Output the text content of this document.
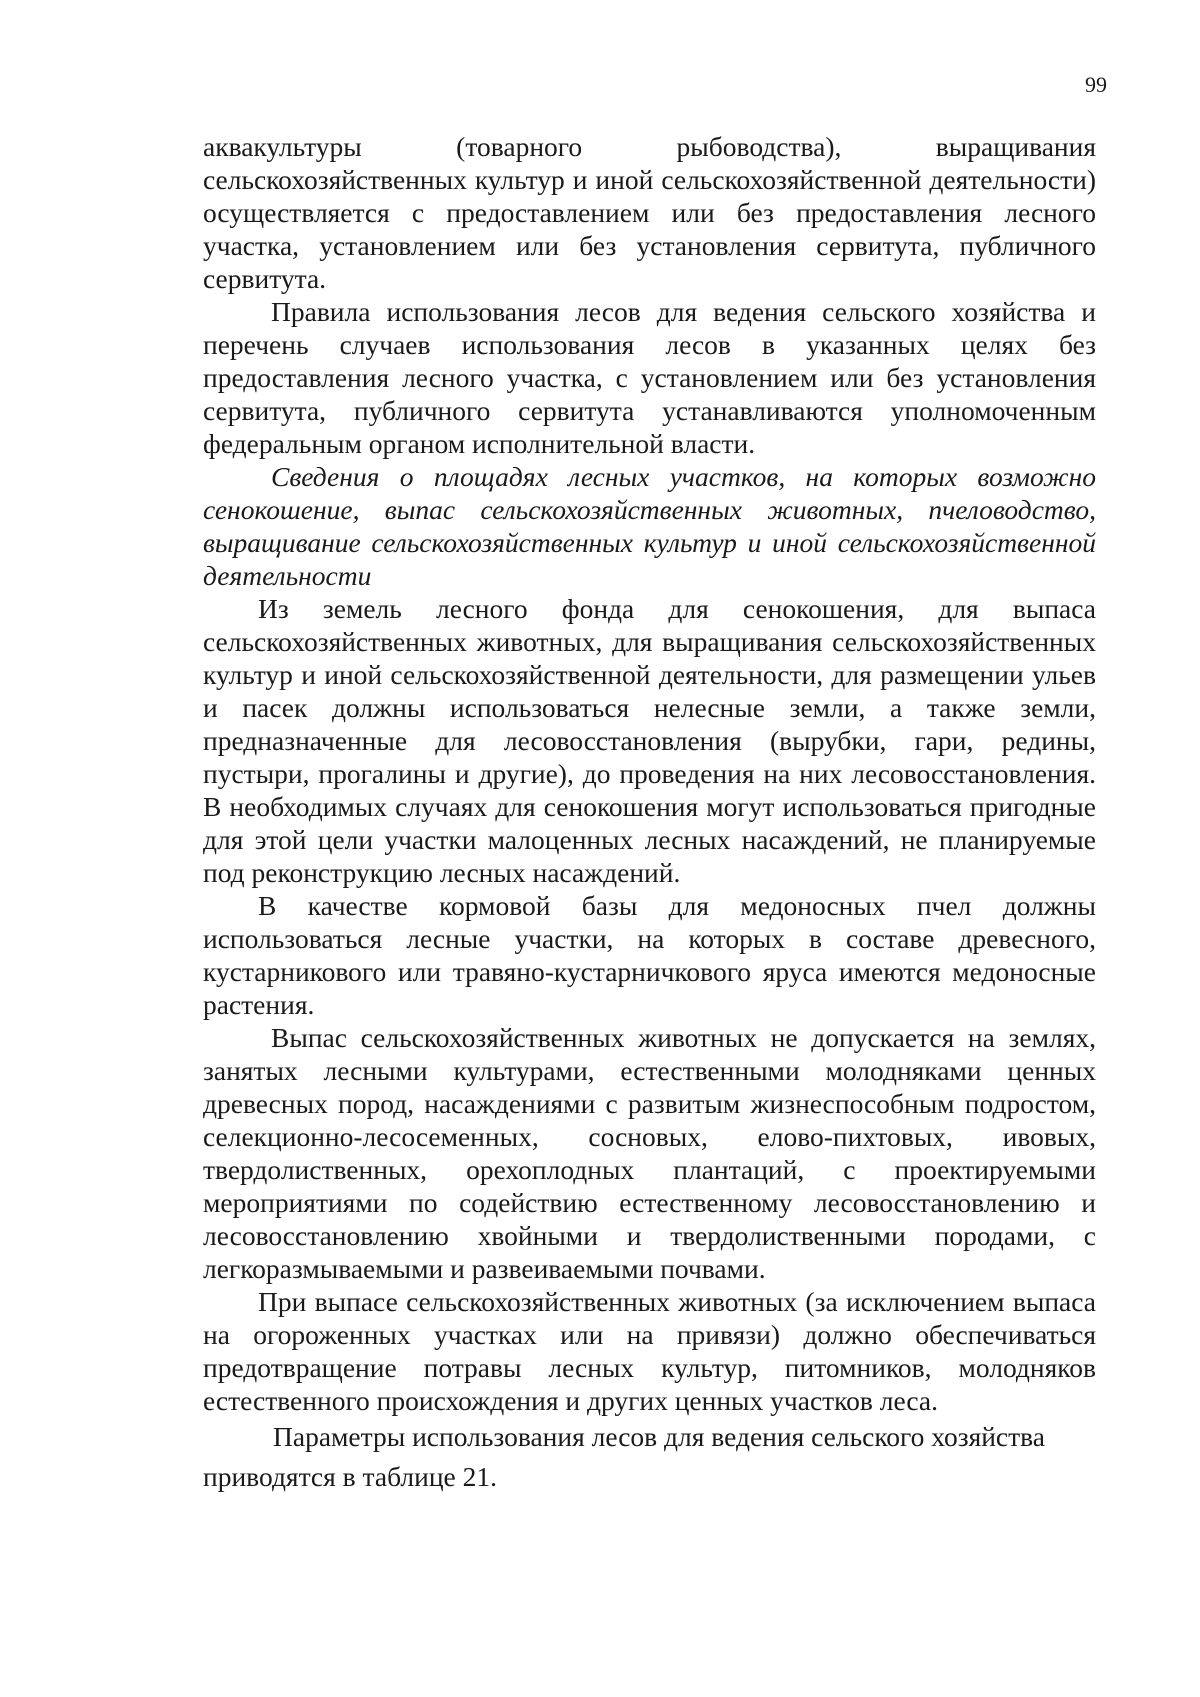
99

аквакультуры (товарного рыбоводства), выращивания сельскохозяйственных культур и иной сельскохозяйственной деятельности) осуществляется с предоставлением или без предоставления лесного участка, установлением или без установления сервитута, публичного сервитута.

Правила использования лесов для ведения сельского хозяйства и перечень случаев использования лесов в указанных целях без предоставления лесного участка, с установлением или без установления сервитута, публичного сервитута устанавливаются уполномоченным федеральным органом исполнительной власти.

Сведения о площадях лесных участков, на которых возможно сенокошение, выпас сельскохозяйственных животных, пчеловодство, выращивание сельскохозяйственных культур и иной сельскохозяйственной деятельности

Из земель лесного фонда для сенокошения, для выпаса сельскохозяйственных животных, для выращивания сельскохозяйственных культур и иной сельскохозяйственной деятельности, для размещении ульев и пасек должны использоваться нелесные земли, а также земли, предназначенные для лесовосстановления (вырубки, гари, редины, пустыри, прогалины и другие), до проведения на них лесовосстановления. В необходимых случаях для сенокошения могут использоваться пригодные для этой цели участки малоценных лесных насаждений, не планируемые под реконструкцию лесных насаждений.

В качестве кормовой базы для медоносных пчел должны использоваться лесные участки, на которых в составе древесного, кустарникового или травяно-кустарничкового яруса имеются медоносные растения.

Выпас сельскохозяйственных животных не допускается на землях, занятых лесными культурами, естественными молодняками ценных древесных пород, насаждениями с развитым жизнеспособным подростом, селекционно-лесосеменных, сосновых, елово-пихтовых, ивовых, твердолиственных, орехоплодных плантаций, с проектируемыми мероприятиями по содействию естественному лесовосстановлению и лесовосстановлению хвойными и твердолиственными породами, с легкоразмываемыми и развеиваемыми почвами.

При выпасе сельскохозяйственных животных (за исключением выпаса на огороженных участках или на привязи) должно обеспечиваться предотвращение потравы лесных культур, питомников, молодняков естественного происхождения и других ценных участков леса.

Параметры использования лесов для ведения сельского хозяйства приводятся в таблице 21.
